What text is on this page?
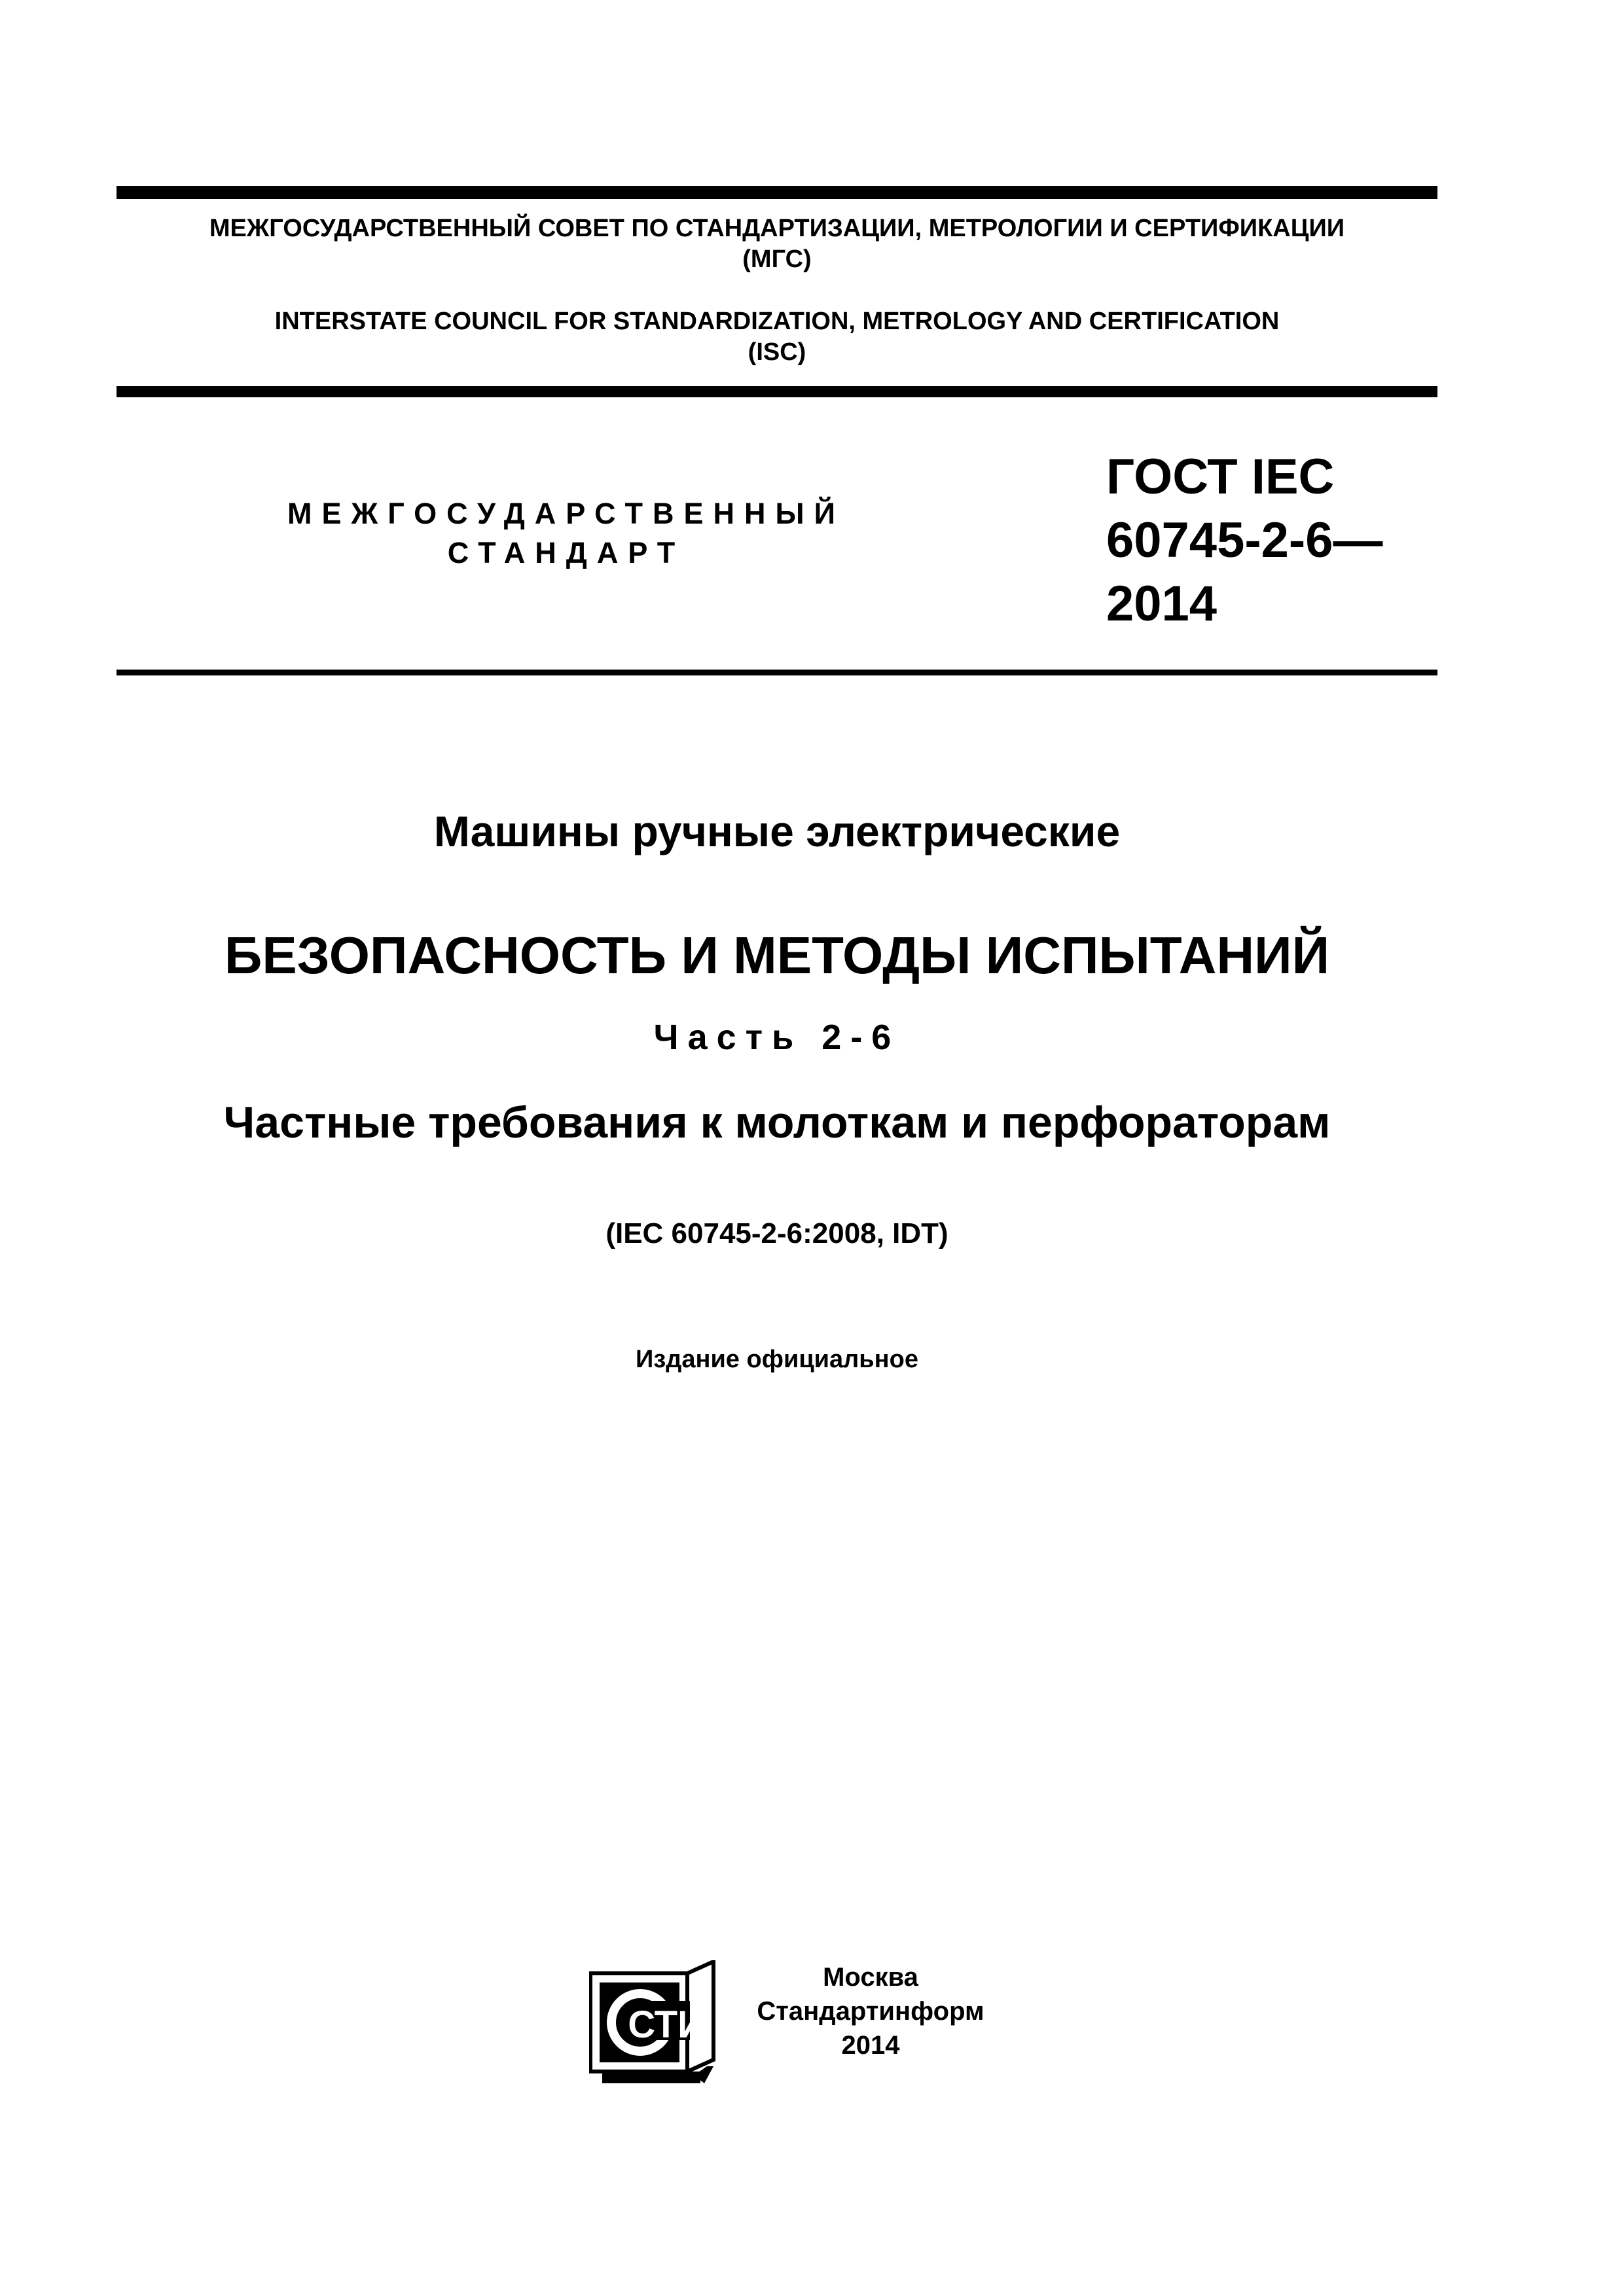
МЕЖГОСУДАРСТВЕННЫЙ СОВЕТ ПО СТАНДАРТИЗАЦИИ, МЕТРОЛОГИИ И СЕРТИФИКАЦИИ
(МГС)
INTERSTATE COUNCIL FOR STANDARDIZATION, METROLOGY AND CERTIFICATION
(ISC)
МЕЖГОСУДАРСТВЕННЫЙ
СТАНДАРТ
ГОСТ IEC
60745-2-6—
2014
Машины ручные электрические
БЕЗОПАСНОСТЬ И МЕТОДЫ ИСПЫТАНИЙ
Часть 2-6
Частные требования к молоткам и перфораторам
(IEC 60745-2-6:2008, IDT)
Издание официальное
СТИ
Москва
Стандартинформ
2014
